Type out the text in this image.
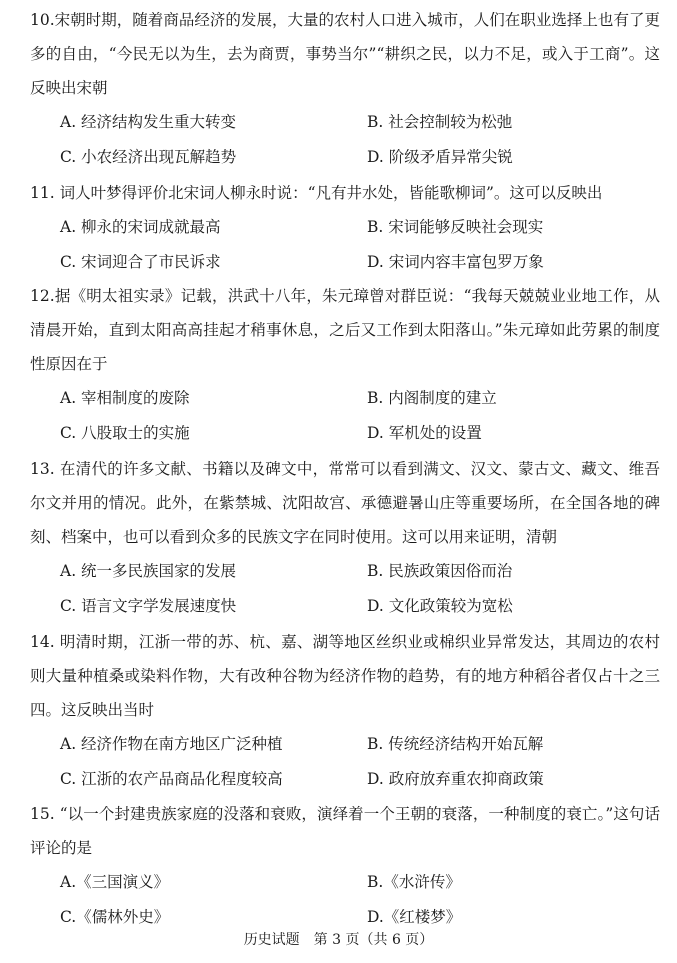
10.宋朝时期，随着商品经济的发展，大量的农村人口进入城市，人们在职业选择上也有了更多的自由，“今民无以为生，去为商贾，事势当尔”“耕织之民，以力不足，或入于工商”。这反映出宋朝

A. 经济结构发生重大转变	B. 社会控制较为松弛
C. 小农经济出现瓦解趋势	D. 阶级矛盾异常尖锐

11. 词人叶梦得评价北宋词人柳永时说：“凡有井水处，皆能歌柳词”。这可以反映出

A. 柳永的宋词成就最高	B. 宋词能够反映社会现实
C. 宋词迎合了市民诉求	D. 宋词内容丰富包罗万象

12.据《明太祖实录》记载，洪武十八年，朱元璋曾对群臣说：“我每天兢兢业业地工作，从清晨开始，直到太阳高高挂起才稍事休息，之后又工作到太阳落山。”朱元璋如此劳累的制度性原因在于

A. 宰相制度的废除	B. 内阁制度的建立
C. 八股取士的实施	D. 军机处的设置

13. 在清代的许多文献、书籍以及碑文中，常常可以看到满文、汉文、蒙古文、藏文、维吾尔文并用的情况。此外，在紫禁城、沈阳故宫、承德避暑山庄等重要场所，在全国各地的碑刻、档案中，也可以看到众多的民族文字在同时使用。这可以用来证明，清朝

A. 统一多民族国家的发展	B. 民族政策因俗而治
C. 语言文字学发展速度快	D. 文化政策较为宽松

14. 明清时期，江浙一带的苏、杭、嘉、湖等地区丝织业或棉织业异常发达，其周边的农村则大量种植桑或染料作物，大有改种谷物为经济作物的趋势，有的地方种稻谷者仅占十之三四。这反映出当时

A. 经济作物在南方地区广泛种植	B. 传统经济结构开始瓦解
C. 江浙的农产品商品化程度较高	D. 政府放弃重农抑商政策

15. “以一个封建贵族家庭的没落和衰败，演绎着一个王朝的衰落，一种制度的衰亡。”这句话评论的是

A.《三国演义》	B.《水浒传》
C.《儒林外史》	D.《红楼梦》
历史试题　第 3 页（共 6 页）
